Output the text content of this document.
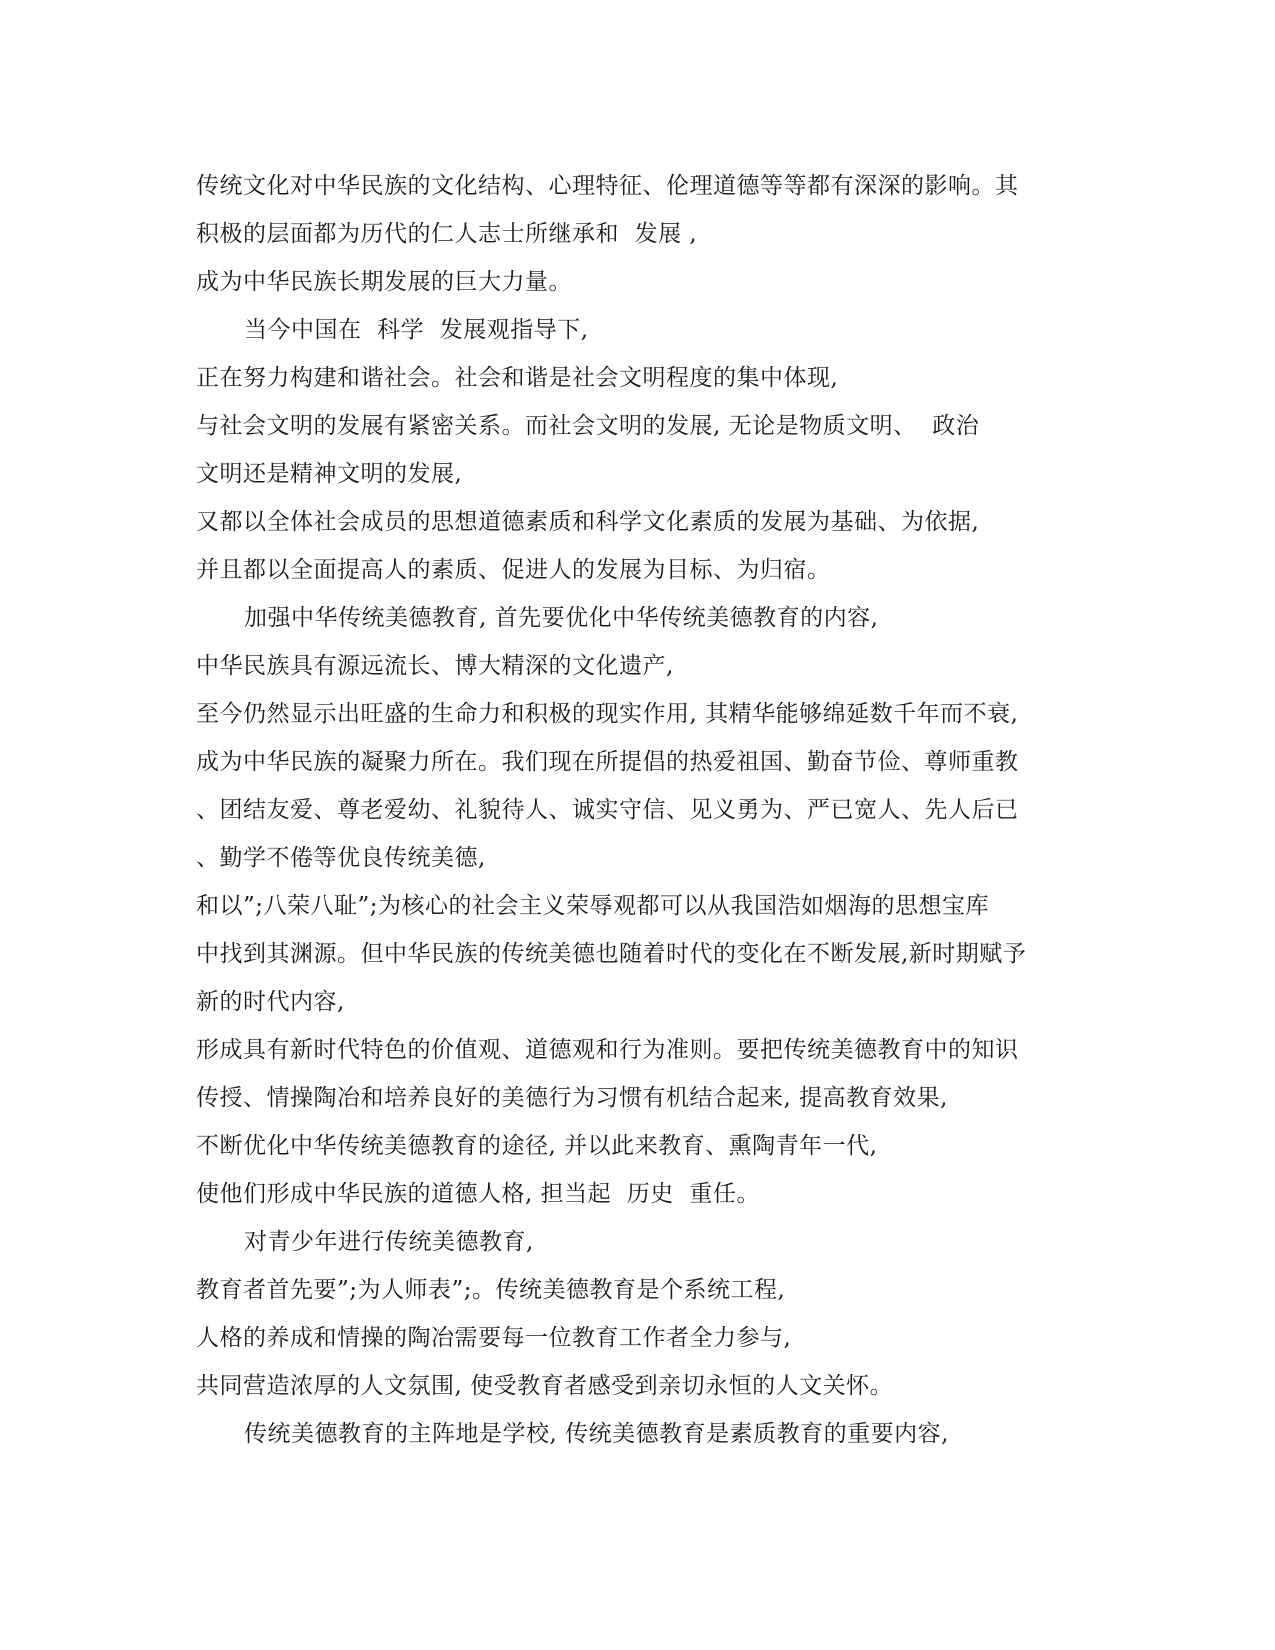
传统文化对中华民族的文化结构、心理特征、伦理道德等等都有深深的影响。其
积极的层面都为历代的仁人志士所继承和  发展 ,
成为中华民族长期发展的巨大力量。
当今中国在  科学  发展观指导下,
正在努力构建和谐社会。社会和谐是社会文明程度的集中体现,
与社会文明的发展有紧密关系。而社会文明的发展, 无论是物质文明、  政治
文明还是精神文明的发展,
又都以全体社会成员的思想道德素质和科学文化素质的发展为基础、为依据,
并且都以全面提高人的素质、促进人的发展为目标、为归宿。
加强中华传统美德教育, 首先要优化中华传统美德教育的内容,
中华民族具有源远流长、博大精深的文化遗产,
至今仍然显示出旺盛的生命力和积极的现实作用, 其精华能够绵延数千年而不衰,
成为中华民族的凝聚力所在。我们现在所提倡的热爱祖国、勤奋节俭、尊师重教
、团结友爱、尊老爱幼、礼貌待人、诚实守信、见义勇为、严已宽人、先人后已
、勤学不倦等优良传统美德,
和以”;八荣八耻”;为核心的社会主义荣辱观都可以从我国浩如烟海的思想宝库
中找到其渊源。但中华民族的传统美德也随着时代的变化在不断发展,新时期赋予
新的时代内容,
形成具有新时代特色的价值观、道德观和行为准则。要把传统美德教育中的知识
传授、情操陶冶和培养良好的美德行为习惯有机结合起来, 提高教育效果,
不断优化中华传统美德教育的途径, 并以此来教育、熏陶青年一代,
使他们形成中华民族的道德人格, 担当起  历史  重任。
对青少年进行传统美德教育,
教育者首先要”;为人师表”;。传统美德教育是个系统工程,
人格的养成和情操的陶冶需要每一位教育工作者全力参与,
共同营造浓厚的人文氛围, 使受教育者感受到亲切永恒的人文关怀。
传统美德教育的主阵地是学校, 传统美德教育是素质教育的重要内容,
